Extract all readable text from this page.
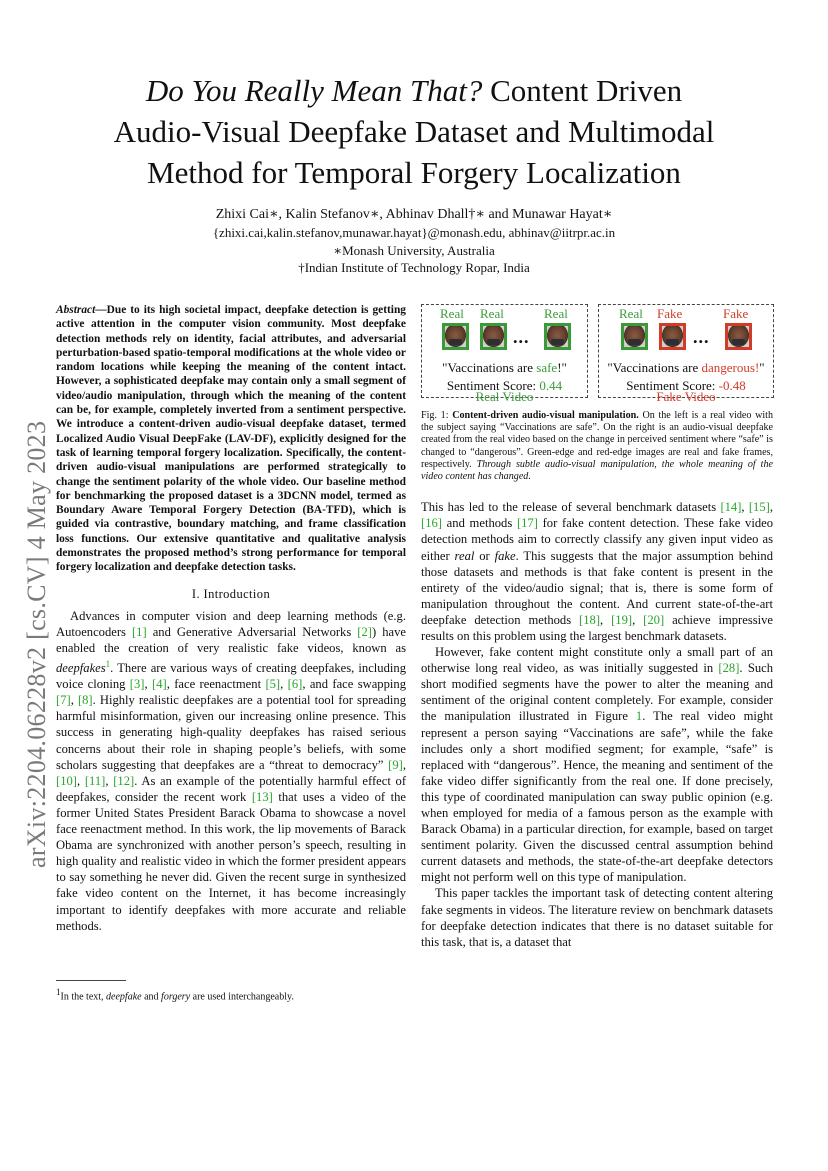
arXiv:2204.06228v2 [cs.CV] 4 May 2023
Do You Really Mean That? Content Driven
Audio-Visual Deepfake Dataset and Multimodal
Method for Temporal Forgery Localization
Zhixi Cai∗, Kalin Stefanov∗, Abhinav Dhall†∗ and Munawar Hayat∗
{zhixi.cai,kalin.stefanov,munawar.hayat}@monash.edu, abhinav@iitrpr.ac.in
∗Monash University, Australia
†Indian Institute of Technology Ropar, India

Abstract—Due to its high societal impact, deepfake detection is getting active attention in the computer vision community. Most deepfake detection methods rely on identity, facial attributes, and adversarial perturbation-based spatio-temporal modifications at the whole video or random locations while keeping the meaning of the content intact. However, a sophisticated deepfake may contain only a small segment of video/audio manipulation, through which the meaning of the content can be, for example, completely inverted from a sentiment perspective. We introduce a content-driven audio-visual deepfake dataset, termed Localized Audio Visual DeepFake (LAV-DF), explicitly designed for the task of learning temporal forgery localization. Specifically, the content-driven audio-visual manipulations are performed strategically to change the sentiment polarity of the whole video. Our baseline method for benchmarking the proposed dataset is a 3DCNN model, termed as Boundary Aware Temporal Forgery Detection (BA-TFD), which is guided via contrastive, boundary matching, and frame classification loss functions. Our extensive quantitative and qualitative analysis demonstrates the proposed method’s strong performance for temporal forgery localization and deepfake detection tasks.

I. Introduction

Advances in computer vision and deep learning methods (e.g. Autoencoders [1] and Generative Adversarial Networks [2]) have enabled the creation of very realistic fake videos, known as deepfakes$^1$. There are various ways of creating deepfakes, including voice cloning [3], [4], face reenactment [5], [6], and face swapping [7], [8]. Highly realistic deepfakes are a potential tool for spreading harmful misinformation, given our increasing online presence. This success in generating high-quality deepfakes has raised serious concerns about their role in shaping people’s beliefs, with some scholars suggesting that deepfakes are a “threat to democracy” [9], [10], [11], [12]. As an example of the potentially harmful effect of deepfakes, consider the recent work [13] that uses a video of the former United States President Barack Obama to showcase a novel face reenactment method. In this work, the lip movements of Barack Obama are synchronized with another person’s speech, resulting in high quality and realistic video in which the former president appears to say something he never did. Given the recent surge in synthesized fake video content on the Internet, it has become increasingly important to identify deepfakes with more accurate and reliable methods.

$^1$In the text, deepfake and forgery are used interchangeably.
Real Real	Real
...
"Vaccinations are safe!"
Sentiment Score: 0.44
Real Fake	Fake
...
"Vaccinations are dangerous!"
Sentiment Score: -0.48
Real Video	Fake Video

Fig. 1: Content-driven audio-visual manipulation. On the left is a real video with the subject saying “Vaccinations are safe”. On the right is an audio-visual deepfake created from the real video based on the change in perceived sentiment where “safe” is changed to “dangerous”. Green-edge and red-edge images are real and fake frames, respectively. Through subtle audio-visual manipulation, the whole meaning of the video content has changed.

This has led to the release of several benchmark datasets [14], [15], [16] and methods [17] for fake content detection. These fake video detection methods aim to correctly classify any given input video as either real or fake. This suggests that the major assumption behind those datasets and methods is that fake content is present in the entirety of the video/audio signal; that is, there is some form of manipulation throughout the content. And current state-of-the-art deepfake detection methods [18], [19], [20] achieve impressive results on this problem using the largest benchmark datasets.

However, fake content might constitute only a small part of an otherwise long real video, as was initially suggested in [28]. Such short modified segments have the power to alter the meaning and sentiment of the original content completely. For example, consider the manipulation illustrated in Figure 1. The real video might represent a person saying “Vaccinations are safe”, while the fake includes only a short modified segment; for example, “safe” is replaced with “dangerous”. Hence, the meaning and sentiment of the fake video differ significantly from the real one. If done precisely, this type of coordinated manipulation can sway public opinion (e.g. when employed for media of a famous person as the example with Barack Obama) in a particular direction, for example, based on target sentiment polarity. Given the discussed central assumption behind current datasets and methods, the state-of-the-art deepfake detectors might not perform well on this type of manipulation.

This paper tackles the important task of detecting content altering fake segments in videos. The literature review on benchmark datasets for deepfake detection indicates that there is no dataset suitable for this task, that is, a dataset that
